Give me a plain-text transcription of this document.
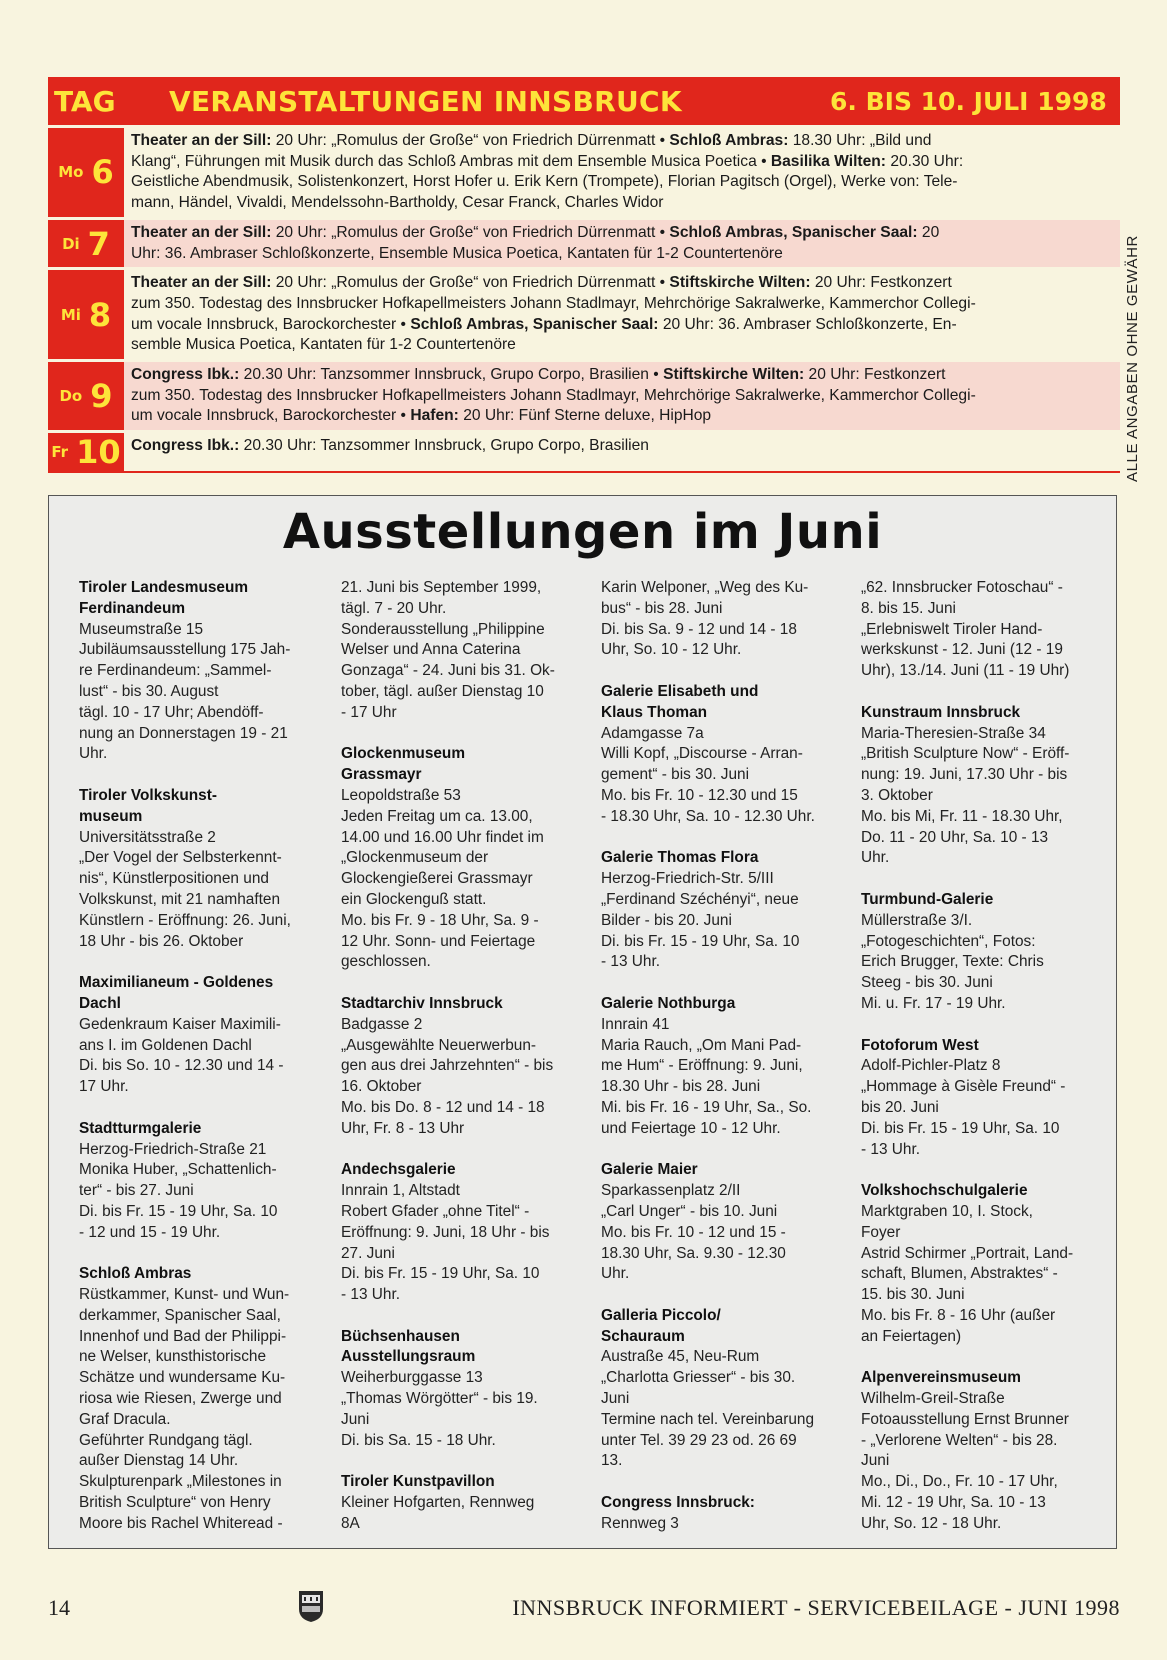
TAG	VERANSTALTUNGEN INNSBRUCK	6. BIS 10. JULI 1998
Mo 6
Theater an der Sill: 20 Uhr: „Romulus der Große“ von Friedrich Dürrenmatt • Schloß Ambras: 18.30 Uhr: „Bild und
Klang“, Führungen mit Musik durch das Schloß Ambras mit dem Ensemble Musica Poetica • Basilika Wilten: 20.30 Uhr:
Geistliche Abendmusik, Solistenkonzert, Horst Hofer u. Erik Kern (Trompete), Florian Pagitsch (Orgel), Werke von: Tele-
mann, Händel, Vivaldi, Mendelssohn-Bartholdy, Cesar Franck, Charles Widor
Di 7 Theater an der Sill: 20 Uhr: „Romulus der Große“ von Friedrich Dürrenmatt • Schloß Ambras, Spanischer Saal: 20
Uhr: 36. Ambraser Schloßkonzerte, Ensemble Musica Poetica, Kantaten für 1-2 Countertenöre
Mi 8
Theater an der Sill: 20 Uhr: „Romulus der Große“ von Friedrich Dürrenmatt • Stiftskirche Wilten: 20 Uhr: Festkonzert
zum 350. Todestag des Innsbrucker Hofkapellmeisters Johann Stadlmayr, Mehrchörige Sakralwerke, Kammerchor Collegi-
um vocale Innsbruck, Barockorchester • Schloß Ambras, Spanischer Saal: 20 Uhr: 36. Ambraser Schloßkonzerte, En-
semble Musica Poetica, Kantaten für 1-2 Countertenöre
Do 9
Congress Ibk.: 20.30 Uhr: Tanzsommer Innsbruck, Grupo Corpo, Brasilien • Stiftskirche Wilten: 20 Uhr: Festkonzert
zum 350. Todestag des Innsbrucker Hofkapellmeisters Johann Stadlmayr, Mehrchörige Sakralwerke, Kammerchor Collegi-
um vocale Innsbruck, Barockorchester • Hafen: 20 Uhr: Fünf Sterne deluxe, HipHop
Fr 10 Congress Ibk.: 20.30 Uhr: Tanzsommer Innsbruck, Grupo Corpo, Brasilien	ALLE ANGABEN OHNE GEWÄHR
Ausstellungen im Juni
Tiroler Landesmuseum
Ferdinandeum
Museumstraße 15
Jubiläumsausstellung 175 Jah-
re Ferdinandeum: „Sammel-
lust“ - bis 30. August
tägl. 10 - 17 Uhr; Abendöff-
nung an Donnerstagen 19 - 21
Uhr.
Tiroler Volkskunst-
museum
Universitätsstraße 2
„Der Vogel der Selbsterkennt-
nis“, Künstlerpositionen und
Volkskunst, mit 21 namhaften
Künstlern - Eröffnung: 26. Juni,
18 Uhr - bis 26. Oktober
Maximilianeum - Goldenes
Dachl
Gedenkraum Kaiser Maximili-
ans I. im Goldenen Dachl
Di. bis So. 10 - 12.30 und 14 -
17 Uhr.
Stadtturmgalerie
Herzog-Friedrich-Straße 21
Monika Huber, „Schattenlich-
ter“ - bis 27. Juni
Di. bis Fr. 15 - 19 Uhr, Sa. 10
- 12 und 15 - 19 Uhr.
Schloß Ambras
Rüstkammer, Kunst- und Wun-
derkammer, Spanischer Saal,
Innenhof und Bad der Philippi-
ne Welser, kunsthistorische
Schätze und wundersame Ku-
riosa wie Riesen, Zwerge und
Graf Dracula.
Geführter Rundgang tägl.
außer Dienstag 14 Uhr.
Skulpturenpark „Milestones in
British Sculpture“ von Henry
Moore bis Rachel Whiteread -
21. Juni bis September 1999,
tägl. 7 - 20 Uhr.
Sonderausstellung „Philippine
Welser und Anna Caterina
Gonzaga“ - 24. Juni bis 31. Ok-
tober, tägl. außer Dienstag 10
- 17 Uhr
Glockenmuseum
Grassmayr
Leopoldstraße 53
Jeden Freitag um ca. 13.00,
14.00 und 16.00 Uhr findet im
„Glockenmuseum der
Glockengießerei Grassmayr
ein Glockenguß statt.
Mo. bis Fr. 9 - 18 Uhr, Sa. 9 -
12 Uhr. Sonn- und Feiertage
geschlossen.
Stadtarchiv Innsbruck
Badgasse 2
„Ausgewählte Neuerwerbun-
gen aus drei Jahrzehnten“ - bis
16. Oktober
Mo. bis Do. 8 - 12 und 14 - 18
Uhr, Fr. 8 - 13 Uhr
Andechsgalerie
Innrain 1, Altstadt
Robert Gfader „ohne Titel“ -
Eröffnung: 9. Juni, 18 Uhr - bis
27. Juni
Di. bis Fr. 15 - 19 Uhr, Sa. 10
- 13 Uhr.
Büchsenhausen
Ausstellungsraum
Weiherburggasse 13
„Thomas Wörgötter“ - bis 19.
Juni
Di. bis Sa. 15 - 18 Uhr.
Tiroler Kunstpavillon
Kleiner Hofgarten, Rennweg
8A
Karin Welponer, „Weg des Ku-
bus“ - bis 28. Juni
Di. bis Sa. 9 - 12 und 14 - 18
Uhr, So. 10 - 12 Uhr.
Galerie Elisabeth und
Klaus Thoman
Adamgasse 7a
Willi Kopf, „Discourse - Arran-
gement“ - bis 30. Juni
Mo. bis Fr. 10 - 12.30 und 15
- 18.30 Uhr, Sa. 10 - 12.30 Uhr.
Galerie Thomas Flora
Herzog-Friedrich-Str. 5/III
„Ferdinand Széchényi“, neue
Bilder - bis 20. Juni
Di. bis Fr. 15 - 19 Uhr, Sa. 10
- 13 Uhr.
Galerie Nothburga
Innrain 41
Maria Rauch, „Om Mani Pad-
me Hum“ - Eröffnung: 9. Juni,
18.30 Uhr - bis 28. Juni
Mi. bis Fr. 16 - 19 Uhr, Sa., So.
und Feiertage 10 - 12 Uhr.
Galerie Maier
Sparkassenplatz 2/II
„Carl Unger“ - bis 10. Juni
Mo. bis Fr. 10 - 12 und 15 -
18.30 Uhr, Sa. 9.30 - 12.30
Uhr.
Galleria Piccolo/
Schauraum
Austraße 45, Neu-Rum
„Charlotta Griesser“ - bis 30.
Juni
Termine nach tel. Vereinbarung
unter Tel. 39 29 23 od. 26 69
13.
Congress Innsbruck:
Rennweg 3
„62. Innsbrucker Fotoschau“ -
8. bis 15. Juni
„Erlebniswelt Tiroler Hand-
werkskunst - 12. Juni (12 - 19
Uhr), 13./14. Juni (11 - 19 Uhr)
Kunstraum Innsbruck
Maria-Theresien-Straße 34
„British Sculpture Now“ - Eröff-
nung: 19. Juni, 17.30 Uhr - bis
3. Oktober
Mo. bis Mi, Fr. 11 - 18.30 Uhr,
Do. 11 - 20 Uhr, Sa. 10 - 13
Uhr.
Turmbund-Galerie
Müllerstraße 3/I.
„Fotogeschichten“, Fotos:
Erich Brugger, Texte: Chris
Steeg - bis 30. Juni
Mi. u. Fr. 17 - 19 Uhr.
Fotoforum West
Adolf-Pichler-Platz 8
„Hommage à Gisèle Freund“ -
bis 20. Juni
Di. bis Fr. 15 - 19 Uhr, Sa. 10
- 13 Uhr.
Volkshochschulgalerie
Marktgraben 10, I. Stock,
Foyer
Astrid Schirmer „Portrait, Land-
schaft, Blumen, Abstraktes“ -
15. bis 30. Juni
Mo. bis Fr. 8 - 16 Uhr (außer
an Feiertagen)
Alpenvereinsmuseum
Wilhelm-Greil-Straße
Fotoausstellung Ernst Brunner
- „Verlorene Welten“ - bis 28.
Juni
Mo., Di., Do., Fr. 10 - 17 Uhr,
Mi. 12 - 19 Uhr, Sa. 10 - 13
Uhr, So. 12 - 18 Uhr.
14	INNSBRUCK INFORMIERT - SERVICEBEILAGE - JUNI 1998
